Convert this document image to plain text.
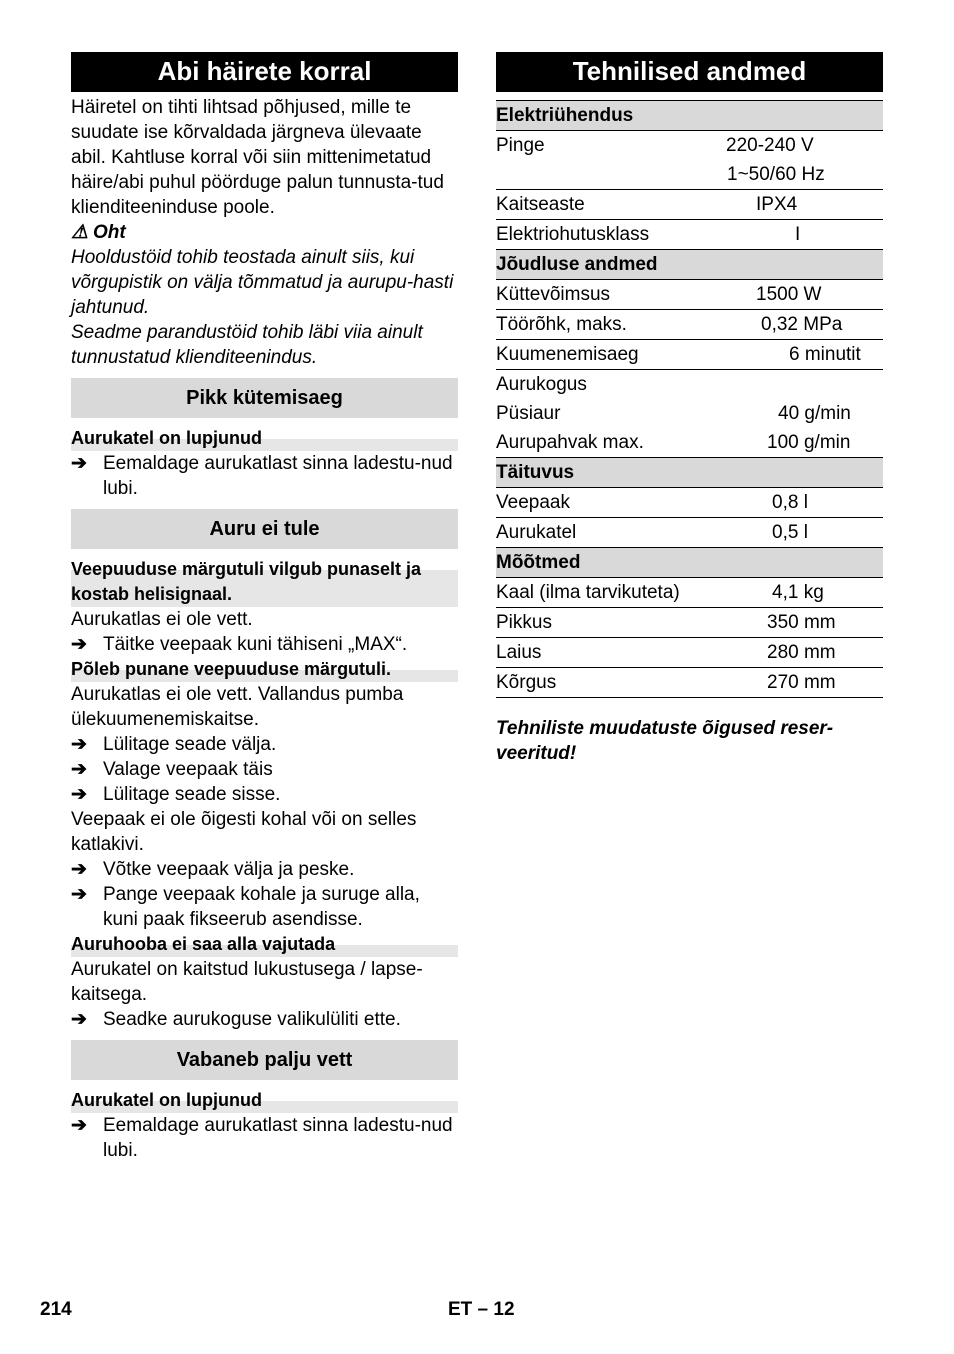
Abi häirete korral

Häiretel on tihti lihtsad põhjused, mille te suudate ise kõrvaldada järgneva ülevaate abil. Kahtluse korral või siin mittenimetatud häire/abi puhul pöörduge palun tunnusta-tud klienditeeninduse poole.

⚠ Oht

Hooldustöid tohib teostada ainult siis, kui võrgupistik on välja tõmmatud ja aurupu-hasti jahtunud.

Seadme parandustöid tohib läbi viia ainult tunnustatud klienditeenindus.

Pikk kütemisaeg
Aurukatel on lupjunud
➔
Eemaldage aurukatlast sinna ladestu-nud lubi.
Auru ei tule
Veepuuduse märgutuli vilgub punaselt ja kostab helisignaal.

Aurukatlas ei ole vett.

➔
Täitke veepaak kuni tähiseni „MAX“.
Põleb punane veepuuduse märgutuli.

Aurukatlas ei ole vett. Vallandus pumba ülekuumenemiskaitse.

➔
Lülitage seade välja.
➔
Valage veepaak täis
➔
Lülitage seade sisse.

Veepaak ei ole õigesti kohal või on selles katlakivi.

➔
Võtke veepaak välja ja peske.
➔
Pange veepaak kohale ja suruge alla, kuni paak fikseerub asendisse.
Auruhooba ei saa alla vajutada

Aurukatel on kaitstud lukustusega / lapse-kaitsega.

➔
Seadke aurukoguse valikulüliti ette.
Vabaneb palju vett
Aurukatel on lupjunud
➔
Eemaldage aurukatlast sinna ladestu-nud lubi.
Tehnilised andmed
Elektriühendus	
Pinge	220-240 V
	1~50/60 Hz
Kaitseaste	IPX4
Elektriohutusklass	I
Jõudluse andmed	
Küttevõimsus	1500 W
Töörõhk, maks.	0,32 MPa
Kuumenemisaeg	6 minutit
Aurukogus	
Püsiaur	40 g/min
Aurupahvak max.	100 g/min
Täituvus	
Veepaak	0,8 l
Aurukatel	0,5 l
Mõõtmed	
Kaal (ilma tarvikuteta)	4,1 kg
Pikkus	350 mm
Laius	280 mm
Kõrgus	270 mm

Tehniliste muudatuste õigused reser-veeritud!

214	ET – 12
